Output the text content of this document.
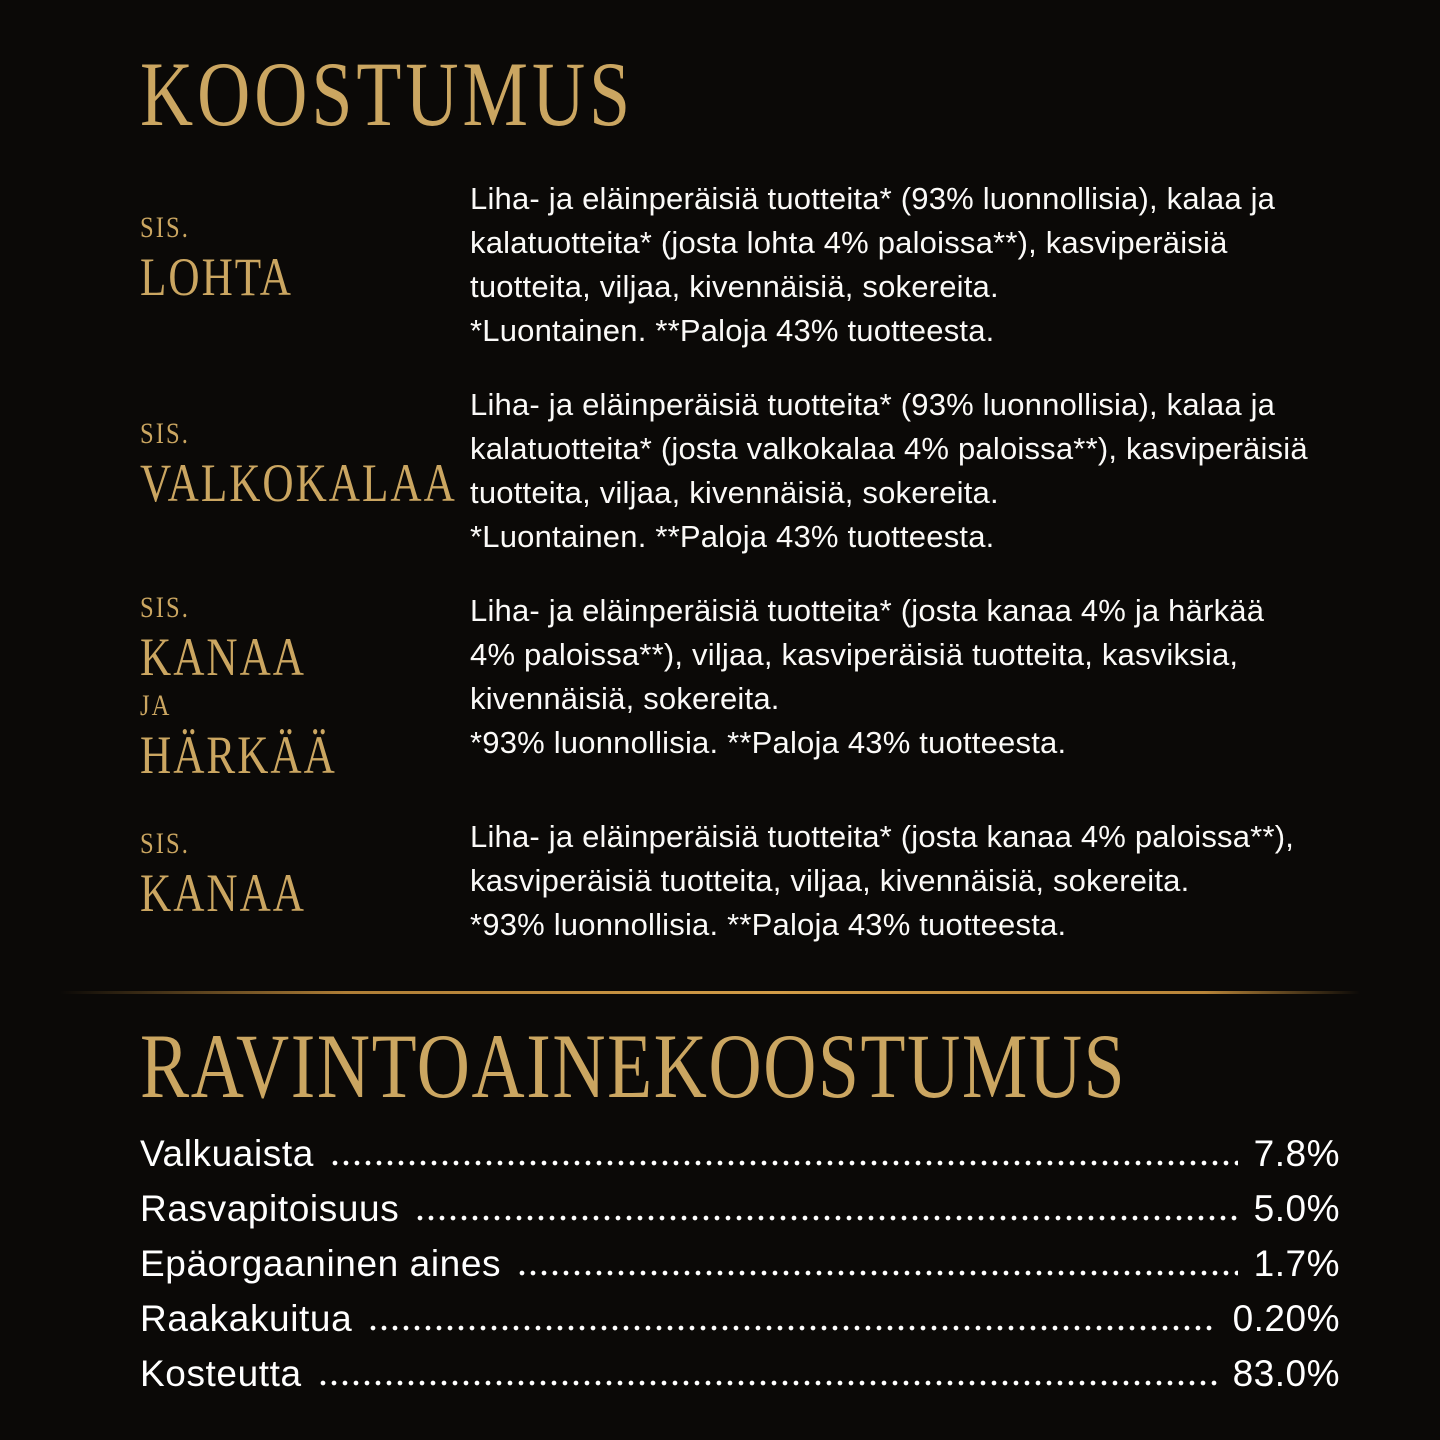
KOOSTUMUS
SIS.
LOHTA

Liha- ja eläinperäisiä tuotteita* (93% luonnollisia), kalaa ja

kalatuotteita* (josta lohta 4% paloissa**), kasviperäisiä

tuotteita, viljaa, kivennäisiä, sokereita.

*Luontainen. **Paloja 43% tuotteesta.

SIS.
VALKOKALAA

Liha- ja eläinperäisiä tuotteita* (93% luonnollisia), kalaa ja

kalatuotteita* (josta valkokalaa 4% paloissa**), kasviperäisiä

tuotteita, viljaa, kivennäisiä, sokereita.

*Luontainen. **Paloja 43% tuotteesta.

SIS.
KANAA
JA
HÄRKÄÄ

Liha- ja eläinperäisiä tuotteita* (josta kanaa 4% ja härkää

4% paloissa**), viljaa, kasviperäisiä tuotteita, kasviksia,

kivennäisiä, sokereita.

*93% luonnollisia. **Paloja 43% tuotteesta.

SIS.
KANAA

Liha- ja eläinperäisiä tuotteita* (josta kanaa 4% paloissa**),

kasviperäisiä tuotteita, viljaa, kivennäisiä, sokereita.

*93% luonnollisia. **Paloja 43% tuotteesta.

RAVINTOAINEKOOSTUMUS
Valkuaista	7.8%
Rasvapitoisuus	5.0%
Epäorgaaninen aines	1.7%
Raakakuitua	0.20%
Kosteutta	83.0%
